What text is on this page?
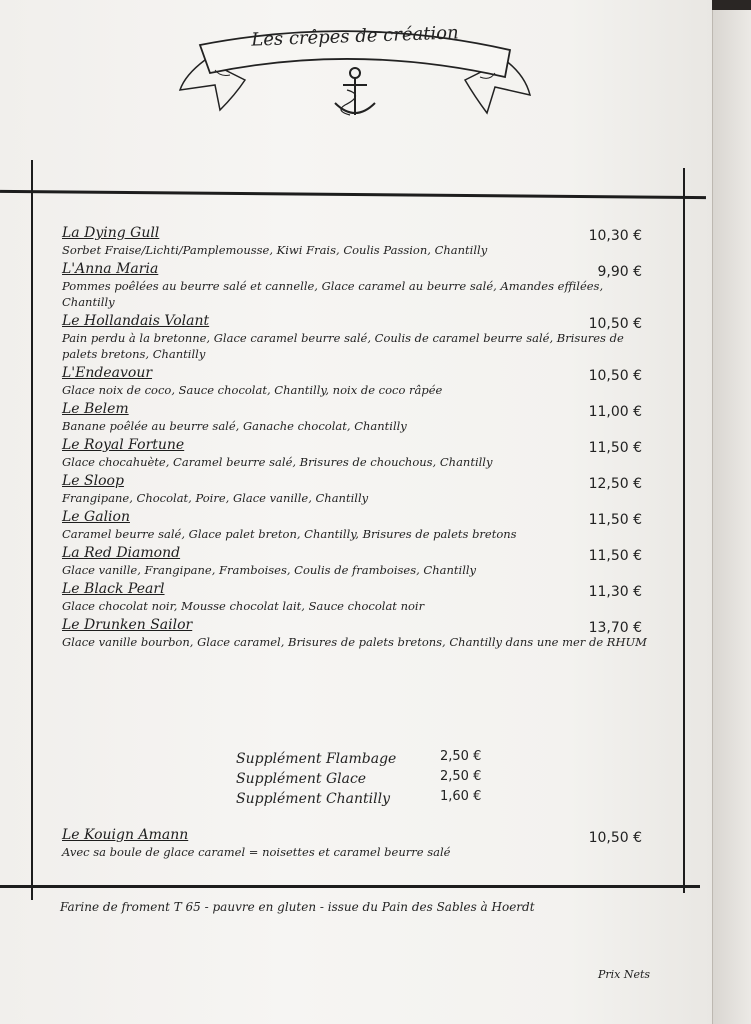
Les crêpes de création
La Dying Gull	10,30 €
Sorbet Fraise/Lichti/Pamplemousse, Kiwi Frais, Coulis Passion, Chantilly
L'Anna Maria	9,90 €
Pommes poêlées au beurre salé et cannelle, Glace caramel au beurre salé, Amandes effilées, Chantilly
Le Hollandais Volant	10,50 €
Pain perdu à la bretonne, Glace caramel beurre salé, Coulis de caramel beurre salé, Brisures de palets bretons, Chantilly
L'Endeavour	10,50 €
Glace noix de coco, Sauce chocolat, Chantilly, noix de coco râpée
Le Belem	11,00 €
Banane poêlée au beurre salé, Ganache chocolat, Chantilly
Le Royal Fortune	11,50 €
Glace chocahuète, Caramel beurre salé, Brisures de chouchous, Chantilly
Le Sloop	12,50 €
Frangipane, Chocolat, Poire, Glace vanille, Chantilly
Le Galion	11,50 €
Caramel beurre salé, Glace palet breton, Chantilly, Brisures de palets bretons
La Red Diamond	11,50 €
Glace vanille, Frangipane, Framboises, Coulis de framboises, Chantilly
Le Black Pearl	11,30 €
Glace chocolat noir, Mousse chocolat lait, Sauce chocolat noir
Le Drunken Sailor	13,70 €
Glace vanille bourbon, Glace caramel, Brisures de palets bretons, Chantilly dans une mer de RHUM
Supplément Flambage	2,50 €
Supplément Glace	2,50 €
Supplément Chantilly	1,60 €
Le Kouign Amann	10,50 €
Avec sa boule de glace caramel = noisettes et caramel beurre salé
Farine de froment T 65 - pauvre en gluten - issue du Pain des Sables à Hoerdt
Prix Nets
